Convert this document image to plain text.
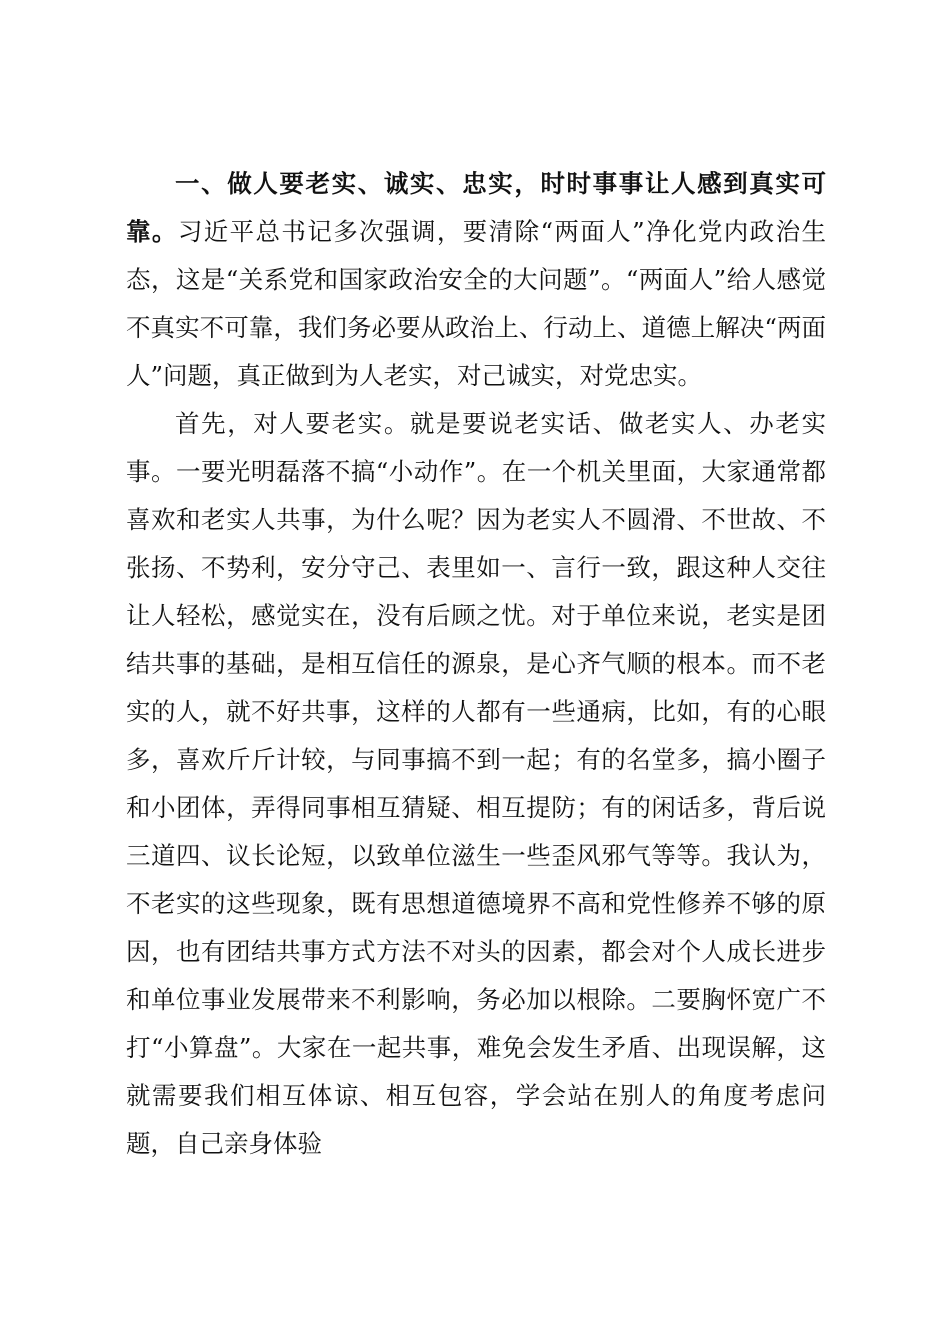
一、做人要老实、诚实、忠实，时时事事让人感到真实可靠。习近平总书记多次强调，要清除“两面人”净化党内政治生态，这是“关系党和国家政治安全的大问题”。“两面人”给人感觉不真实不可靠，我们务必要从政治上、行动上、道德上解决“两面人”问题，真正做到为人老实，对己诚实，对党忠实。

首先，对人要老实。就是要说老实话、做老实人、办老实事。一要光明磊落不搞“小动作”。在一个机关里面，大家通常都喜欢和老实人共事，为什么呢？因为老实人不圆滑、不世故、不张扬、不势利，安分守己、表里如一、言行一致，跟这种人交往让人轻松，感觉实在，没有后顾之忧。对于单位来说，老实是团结共事的基础，是相互信任的源泉，是心齐气顺的根本。而不老实的人，就不好共事，这样的人都有一些通病，比如，有的心眼多，喜欢斤斤计较，与同事搞不到一起；有的名堂多，搞小圈子和小团体，弄得同事相互猜疑、相互提防；有的闲话多，背后说三道四、议长论短，以致单位滋生一些歪风邪气等等。我认为，不老实的这些现象，既有思想道德境界不高和党性修养不够的原因，也有团结共事方式方法不对头的因素，都会对个人成长进步和单位事业发展带来不利影响，务必加以根除。二要胸怀宽广不打“小算盘”。大家在一起共事，难免会发生矛盾、出现误解，这就需要我们相互体谅、相互包容，学会站在别人的角度考虑问题，自己亲身体验
